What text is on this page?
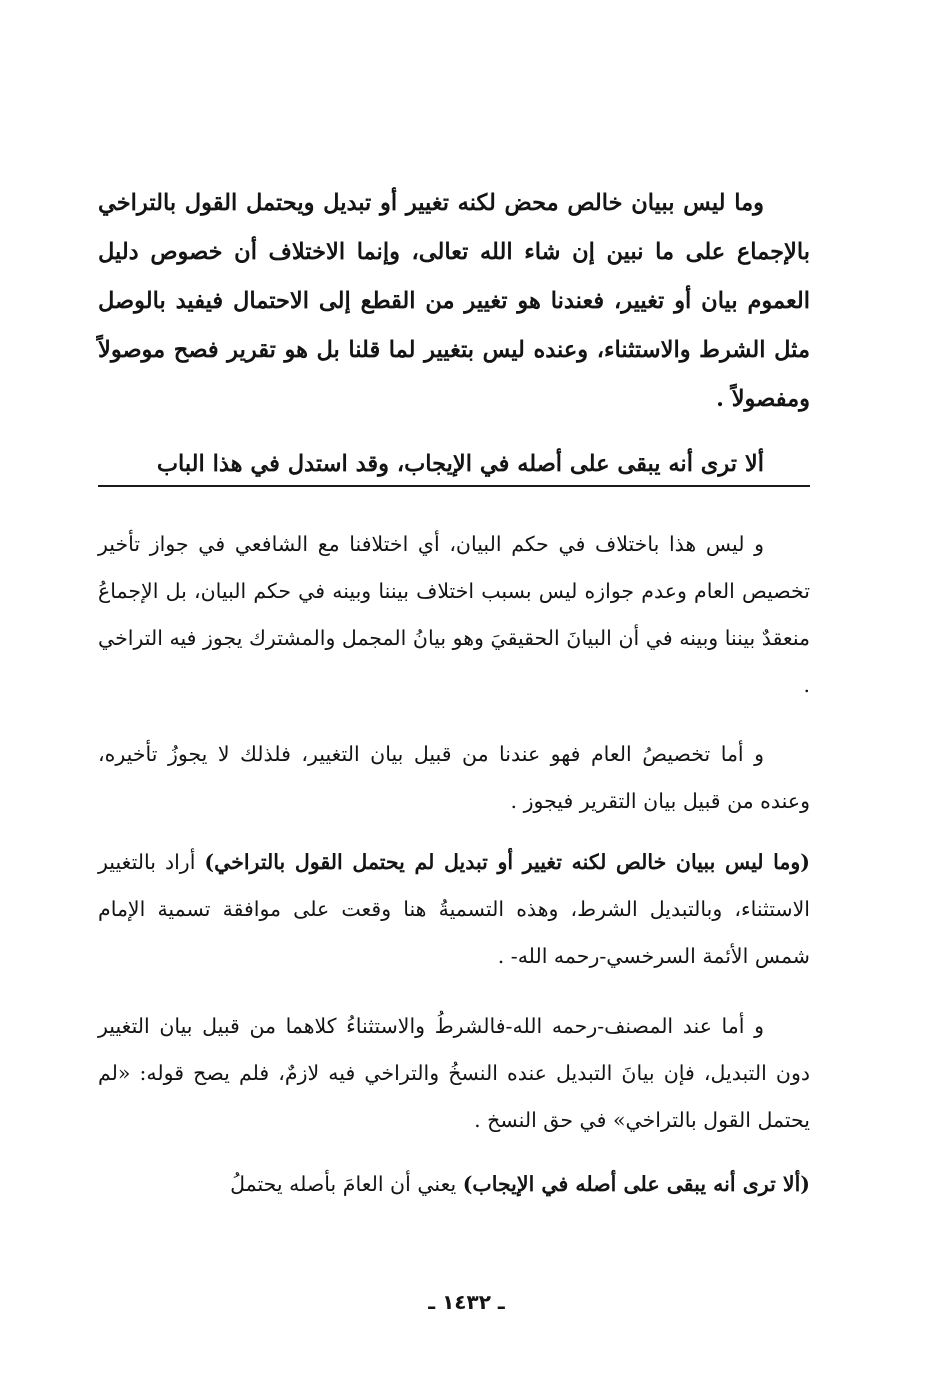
وما ليس ببيان خالص محض لكنه تغيير أو تبديل ويحتمل القول بالتراخي بالإجماع على ما نبين إن شاء الله تعالى، وإنما الاختلاف أن خصوص دليل العموم بيان أو تغيير، فعندنا هو تغيير من القطع إلى الاحتمال فيفيد بالوصل مثل الشرط والاستثناء، وعنده ليس بتغيير لما قلنا بل هو تقرير فصح موصولاً ومفصولاً .

ألا ترى أنه يبقى على أصله في الإيجاب، وقد استدل في هذا الباب

و ليس هذا باختلاف في حكم البيان، أي اختلافنا مع الشافعي في جواز تأخير تخصيص العام وعدم جوازه ليس بسبب اختلاف بيننا وبينه في حكم البيان، بل الإجماعُ منعقدٌ بيننا وبينه في أن البيانَ الحقيقيَ وهو بيانُ المجمل والمشترك يجوز فيه التراخي .

و أما تخصيصُ العام فهو عندنا من قبيل بيان التغيير، فلذلك لا يجوزُ تأخيره، وعنده من قبيل بيان التقرير فيجوز .

(وما ليس ببيان خالص لكنه تغيير أو تبديل لم يحتمل القول بالتراخي) أراد بالتغيير الاستثناء، وبالتبديل الشرط، وهذه التسميةُ هنا وقعت على موافقة تسمية الإمام شمس الأئمة السرخسي-رحمه الله- .

و أما عند المصنف-رحمه الله-فالشرطُ والاستثناءُ كلاهما من قبيل بيان التغيير دون التبديل، فإن بيانَ التبديل عنده النسخُ والتراخي فيه لازمٌ، فلم يصح قوله: «لم يحتمل القول بالتراخي» في حق النسخ .

(ألا ترى أنه يبقى على أصله في الإيجاب) يعني أن العامَ بأصله يحتملُ

ـ ١٤٣٢ ـ
